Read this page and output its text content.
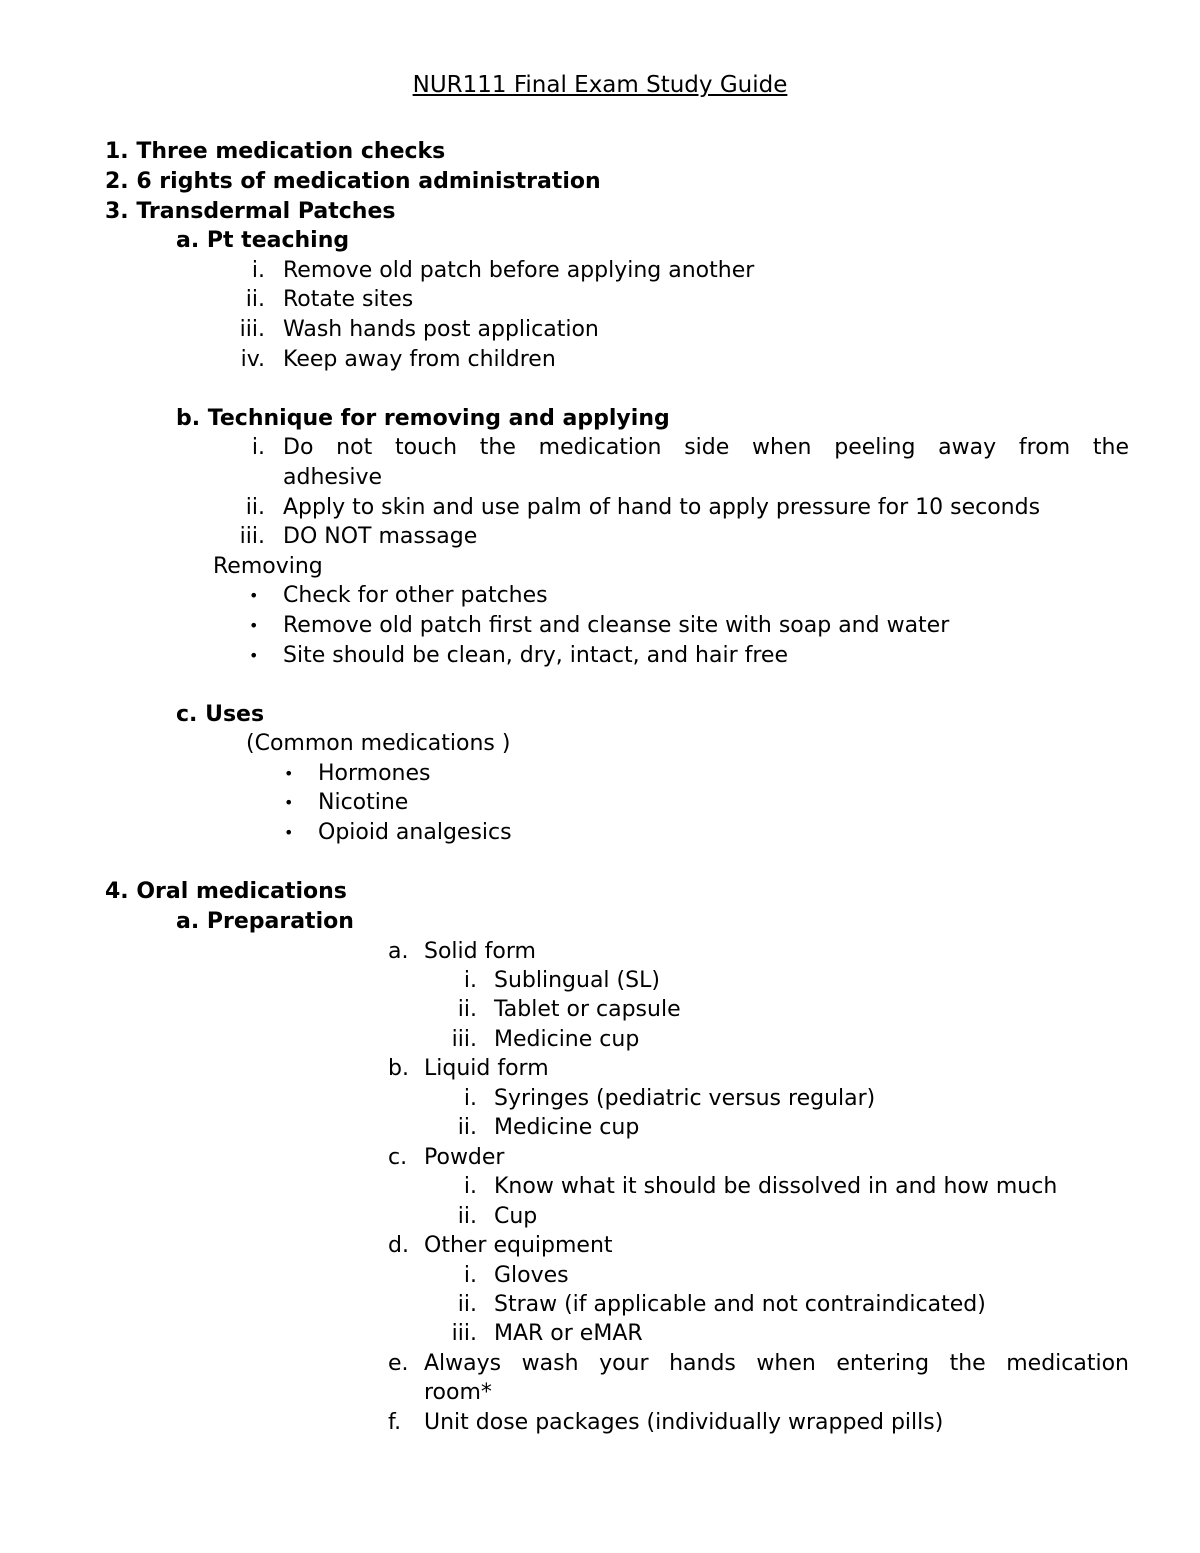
NUR111 Final Exam Study Guide
1. Three medication checks
2. 6 rights of medication administration
3. Transdermal Patches
a. Pt teaching
i. Remove old patch before applying another
ii. Rotate sites
iii. Wash hands post application
iv. Keep away from children
b. Technique for removing and applying
i. Do not touch the medication side when peeling away from the
adhesive
ii. Apply to skin and use palm of hand to apply pressure for 10 seconds
iii. DO NOT massage
Removing
• Check for other patches
• Remove old patch first and cleanse site with soap and water
• Site should be clean, dry, intact, and hair free
c. Uses
(Common medications )
• Hormones
• Nicotine
• Opioid analgesics
4. Oral medications
a. Preparation
a. Solid form
i. Sublingual (SL)
ii. Tablet or capsule
iii. Medicine cup
b. Liquid form
i. Syringes (pediatric versus regular)
ii. Medicine cup
c. Powder
i. Know what it should be dissolved in and how much
ii. Cup
d. Other equipment
i. Gloves
ii. Straw (if applicable and not contraindicated)
iii. MAR or eMAR
e. Always wash your hands when entering the medication
room*
f. Unit dose packages (individually wrapped pills)
